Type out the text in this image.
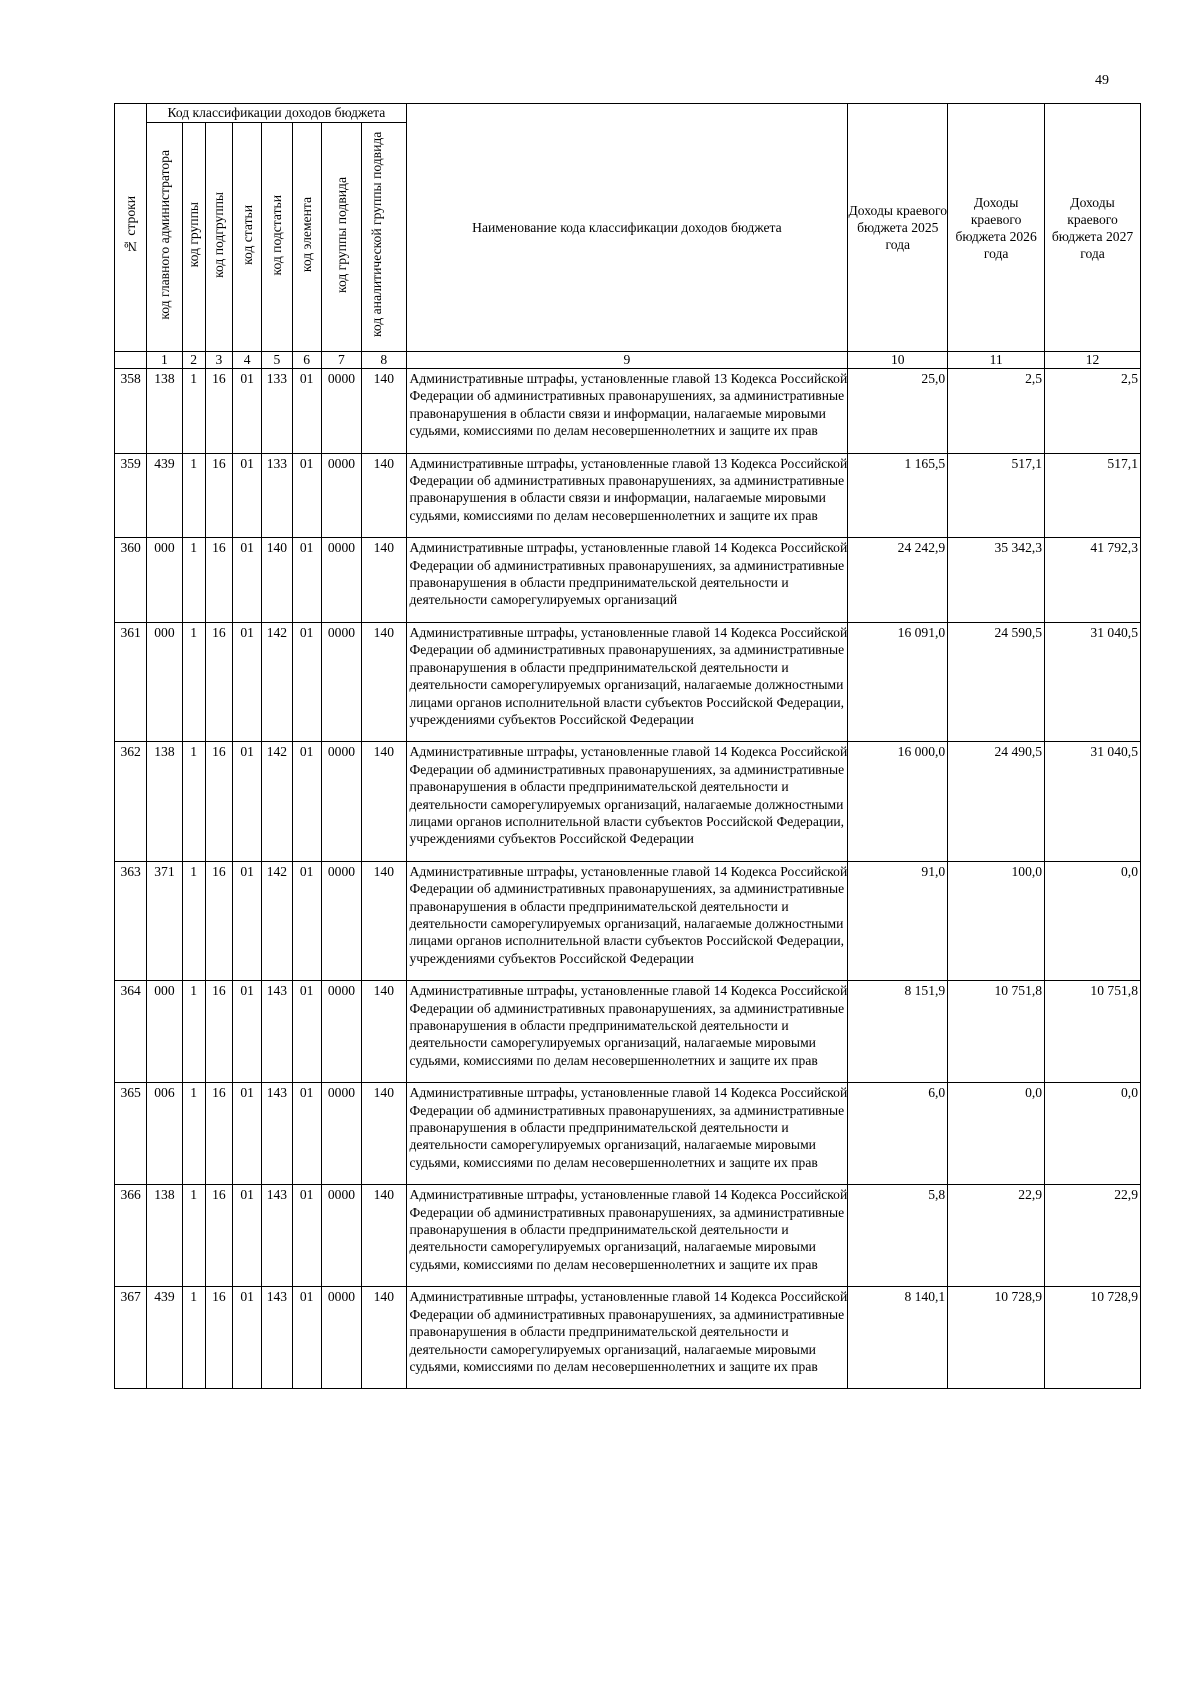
49
№ строки	Код классификации доходов бюджета								Наименование кода классификации доходов бюджета	Доходы краевого бюджета 2025 года	Доходы краевого бюджета 2026 года	Доходы краевого бюджета 2027 года
	код главного администратора	код группы	код подгруппы	код статьи	код подстатьи	код элемента	код группы подвида	код аналитической группы подвида				
	1	2	3	4	5	6	7	8	9	10	11	12
358	138	1	16	01	133	01	0000	140	Административные штрафы, установленные главой 13 Кодекса Российской Федерации об административных правонарушениях, за административные правонарушения в области связи и информации, налагаемые мировыми судьями, комиссиями по делам несовершеннолетних и защите их прав	25,0	2,5	2,5
359	439	1	16	01	133	01	0000	140	Административные штрафы, установленные главой 13 Кодекса Российской Федерации об административных правонарушениях, за административные правонарушения в области связи и информации, налагаемые мировыми судьями, комиссиями по делам несовершеннолетних и защите их прав	1 165,5	517,1	517,1
360	000	1	16	01	140	01	0000	140	Административные штрафы, установленные главой 14 Кодекса Российской Федерации об административных правонарушениях, за административные правонарушения в области предпринимательской деятельности и деятельности саморегулируемых организаций	24 242,9	35 342,3	41 792,3
361	000	1	16	01	142	01	0000	140	Административные штрафы, установленные главой 14 Кодекса Российской Федерации об административных правонарушениях, за административные правонарушения в области предпринимательской деятельности и деятельности саморегулируемых организаций, налагаемые должностными лицами органов исполнительной власти субъектов Российской Федерации, учреждениями субъектов Российской Федерации	16 091,0	24 590,5	31 040,5
362	138	1	16	01	142	01	0000	140	Административные штрафы, установленные главой 14 Кодекса Российской Федерации об административных правонарушениях, за административные правонарушения в области предпринимательской деятельности и деятельности саморегулируемых организаций, налагаемые должностными лицами органов исполнительной власти субъектов Российской Федерации, учреждениями субъектов Российской Федерации	16 000,0	24 490,5	31 040,5
363	371	1	16	01	142	01	0000	140	Административные штрафы, установленные главой 14 Кодекса Российской Федерации об административных правонарушениях, за административные правонарушения в области предпринимательской деятельности и деятельности саморегулируемых организаций, налагаемые должностными лицами органов исполнительной власти субъектов Российской Федерации, учреждениями субъектов Российской Федерации	91,0	100,0	0,0
364	000	1	16	01	143	01	0000	140	Административные штрафы, установленные главой 14 Кодекса Российской Федерации об административных правонарушениях, за административные правонарушения в области предпринимательской деятельности и деятельности саморегулируемых организаций, налагаемые мировыми судьями, комиссиями по делам несовершеннолетних и защите их прав	8 151,9	10 751,8	10 751,8
365	006	1	16	01	143	01	0000	140	Административные штрафы, установленные главой 14 Кодекса Российской Федерации об административных правонарушениях, за административные правонарушения в области предпринимательской деятельности и деятельности саморегулируемых организаций, налагаемые мировыми судьями, комиссиями по делам несовершеннолетних и защите их прав	6,0	0,0	0,0
366	138	1	16	01	143	01	0000	140	Административные штрафы, установленные главой 14 Кодекса Российской Федерации об административных правонарушениях, за административные правонарушения в области предпринимательской деятельности и деятельности саморегулируемых организаций, налагаемые мировыми судьями, комиссиями по делам несовершеннолетних и защите их прав	5,8	22,9	22,9
367	439	1	16	01	143	01	0000	140	Административные штрафы, установленные главой 14 Кодекса Российской Федерации об административных правонарушениях, за административные правонарушения в области предпринимательской деятельности и деятельности саморегулируемых организаций, налагаемые мировыми судьями, комиссиями по делам несовершеннолетних и защите их прав	8 140,1	10 728,9	10 728,9
